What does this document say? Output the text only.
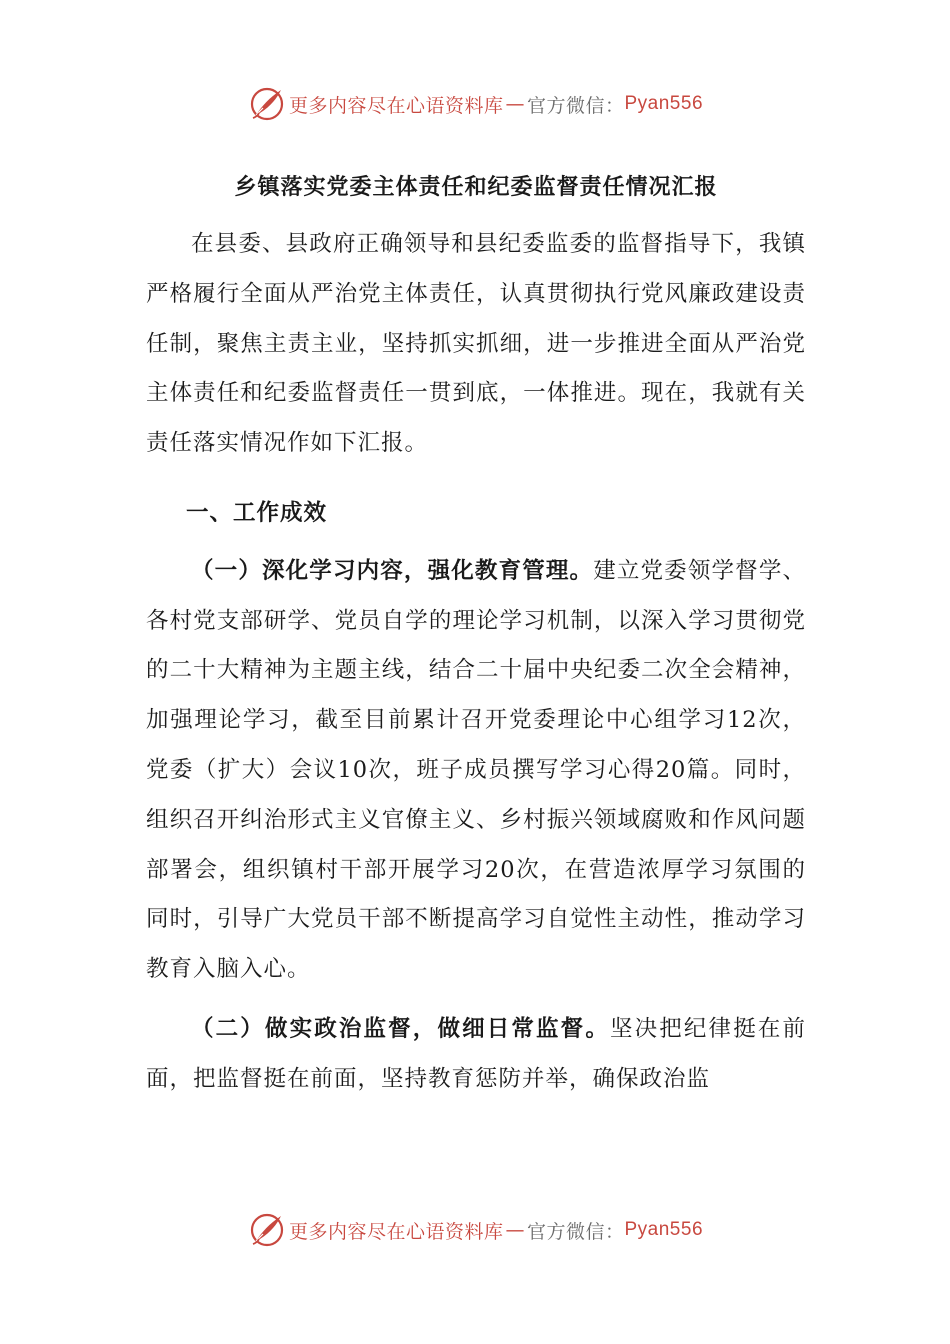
更多内容尽在心语资料库 — 官方微信： Pyan556
乡镇落实党委主体责任和纪委监督责任情况汇报

在县委、县政府正确领导和县纪委监委的监督指导下，我镇严格履行全面从严治党主体责任，认真贯彻执行党风廉政建设责任制，聚焦主责主业，坚持抓实抓细，进一步推进全面从严治党主体责任和纪委监督责任一贯到底，一体推进。现在，我就有关责任落实情况作如下汇报。

一、工作成效

（一）深化学习内容，强化教育管理。建立党委领学督学、各村党支部研学、党员自学的理论学习机制，以深入学习贯彻党的二十大精神为主题主线，结合二十届中央纪委二次全会精神，加强理论学习，截至目前累计召开党委理论中心组学习12次，党委（扩大）会议10次，班子成员撰写学习心得20篇。同时，组织召开纠治形式主义官僚主义、乡村振兴领域腐败和作风问题部署会，组织镇村干部开展学习20次，在营造浓厚学习氛围的同时，引导广大党员干部不断提高学习自觉性主动性，推动学习教育入脑入心。

（二）做实政治监督，做细日常监督。坚决把纪律挺在前面，把监督挺在前面，坚持教育惩防并举，确保政治监

更多内容尽在心语资料库 — 官方微信： Pyan556
